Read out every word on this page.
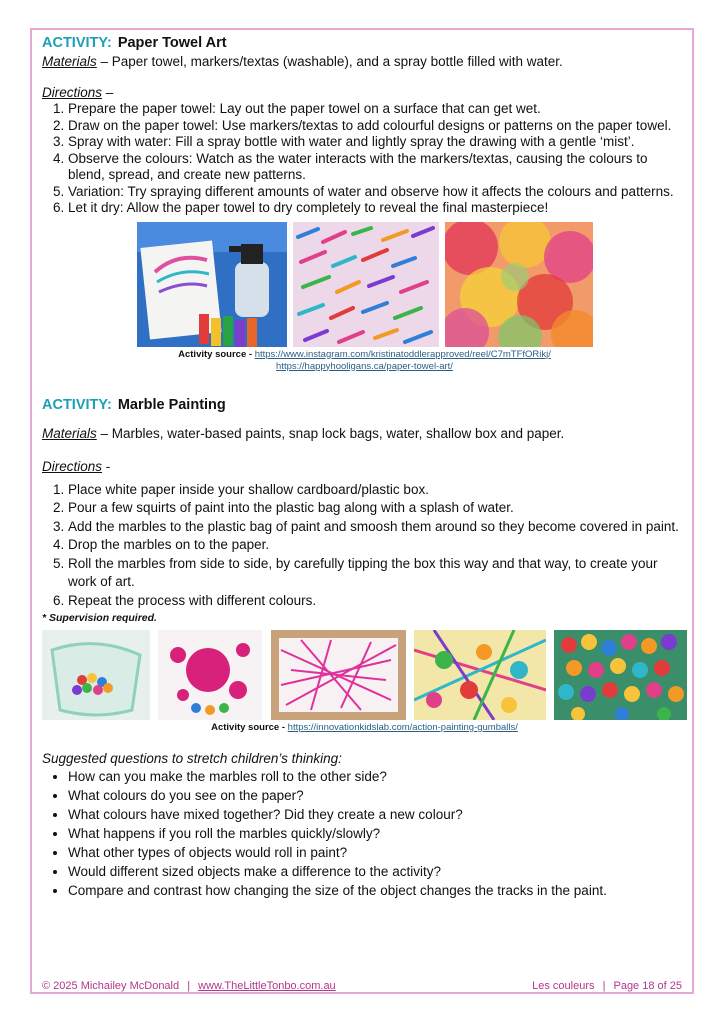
ACTIVITY: Paper Towel Art

Materials – Paper towel, markers/textas (washable), and a spray bottle filled with water.

Directions –

1. Prepare the paper towel: Lay out the paper towel on a surface that can get wet.
2. Draw on the paper towel: Use markers/textas to add colourful designs or patterns on the paper towel.
3. Spray with water: Fill a spray bottle with water and lightly spray the drawing with a gentle ‘mist’.
4. Observe the colours: Watch as the water interacts with the markers/textas, causing the colours to blend, spread, and create new patterns.
5. Variation: Try spraying different amounts of water and observe how it affects the colours and patterns.
6. Let it dry: Allow the paper towel to dry completely to reveal the final masterpiece!
Activity source - https://www.instagram.com/kristinatoddlerapproved/reel/C7mTFfORikj/
https://happyhooligans.ca/paper-towel-art/

ACTIVITY: Marble Painting

Materials – Marbles, water-based paints, snap lock bags, water, shallow box and paper.

Directions -

1. Place white paper inside your shallow cardboard/plastic box.
2. Pour a few squirts of paint into the plastic bag along with a splash of water.
3. Add the marbles to the plastic bag of paint and smoosh them around so they become covered in paint.
4. Drop the marbles on to the paper.
5. Roll the marbles from side to side, by carefully tipping the box this way and that way, to create your work of art.
6. Repeat the process with different colours.

* Supervision required.

Activity source - https://innovationkidslab.com/action-painting-gumballs/

Suggested questions to stretch children’s thinking:

• How can you make the marbles roll to the other side?
• What colours do you see on the paper?
• What colours have mixed together? Did they create a new colour?
• What happens if you roll the marbles quickly/slowly?
• What other types of objects would roll in paint?
• Would different sized objects make a difference to the activity?
• Compare and contrast how changing the size of the object changes the tracks in the paint.
© 2025 Michailey McDonald | www.TheLittleTonbo.com.au	Les couleurs | Page 18 of 25
